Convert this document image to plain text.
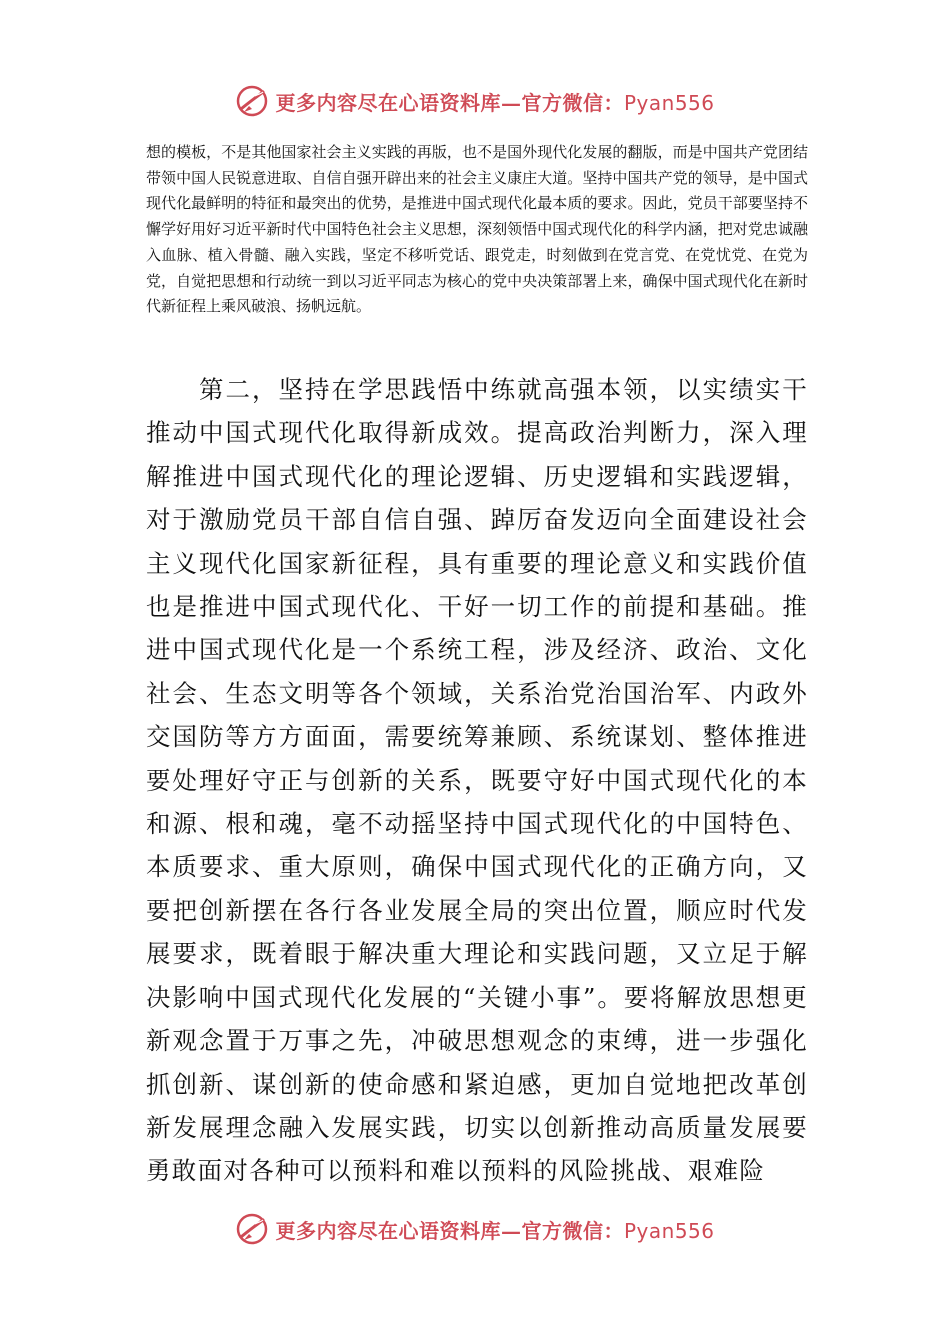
更多内容尽在心语资料库—官方微信：Pyan556

想的模板，不是其他国家社会主义实践的再版，也不是国外现代化发展的翻版，而是中国共产党团结带领中国人民锐意进取、自信自强开辟出来的社会主义康庄大道。坚持中国共产党的领导，是中国式现代化最鲜明的特征和最突出的优势，是推进中国式现代化最本质的要求。因此，党员干部要坚持不懈学好用好习近平新时代中国特色社会主义思想，深刻领悟中国式现代化的科学内涵，把对党忠诚融入血脉、植入骨髓、融入实践，坚定不移听党话、跟党走，时刻做到在党言党、在党忧党、在党为党，自觉把思想和行动统一到以习近平同志为核心的党中央决策部署上来，确保中国式现代化在新时代新征程上乘风破浪、扬帆远航。

第二，坚持在学思践悟中练就高强本领，以实绩实干推动中国式现代化取得新成效。提高政治判断力，深入理解推进中国式现代化的理论逻辑、历史逻辑和实践逻辑，对于激励党员干部自信自强、踔厉奋发迈向全面建设社会主义现代化国家新征程，具有重要的理论意义和实践价值也是推进中国式现代化、干好一切工作的前提和基础。推进中国式现代化是一个系统工程，涉及经济、政治、文化社会、生态文明等各个领域，关系治党治国治军、内政外交国防等方方面面，需要统筹兼顾、系统谋划、整体推进要处理好守正与创新的关系，既要守好中国式现代化的本和源、根和魂，毫不动摇坚持中国式现代化的中国特色、本质要求、重大原则，确保中国式现代化的正确方向，又要把创新摆在各行各业发展全局的突出位置，顺应时代发展要求，既着眼于解决重大理论和实践问题，又立足于解决影响中国式现代化发展的“关键小事”。要将解放思想更新观念置于万事之先，冲破思想观念的束缚，进一步强化抓创新、谋创新的使命感和紧迫感，更加自觉地把改革创新发展理念融入发展实践，切实以创新推动高质量发展要勇敢面对各种可以预料和难以预料的风险挑战、艰难险

更多内容尽在心语资料库—官方微信：Pyan556
